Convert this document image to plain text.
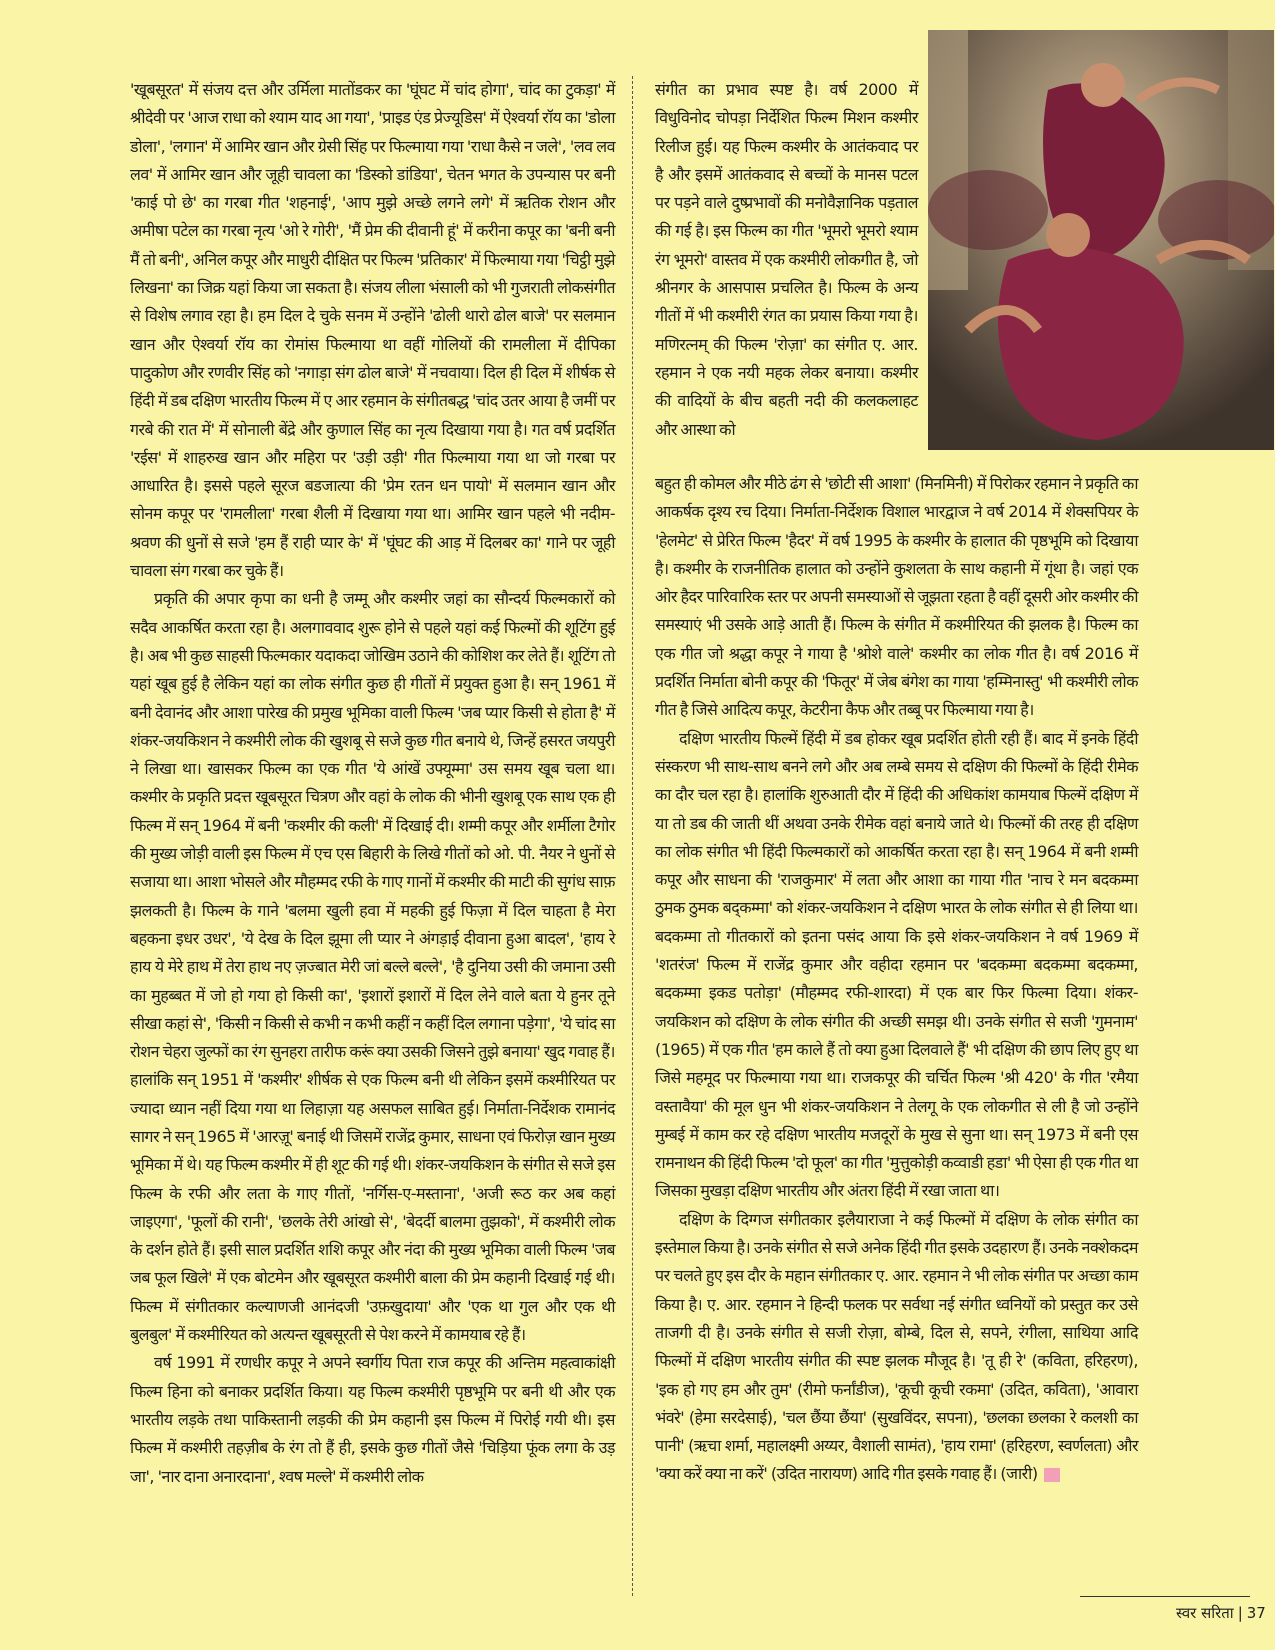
'खूबसूरत' में संजय दत्त और उर्मिला मातोंडकर का 'घूंघट में चांद होगा', चांद का टुकड़ा' में श्रीदेवी पर 'आज राधा को श्याम याद आ गया', 'प्राइड एंड प्रेज्यूडिस' में ऐश्वर्या रॉय का 'डोला डोला', 'लगान' में आमिर खान और ग्रेसी सिंह पर फिल्माया गया 'राधा कैसे न जले', 'लव लव लव' में आमिर खान और जूही चावला का 'डिस्को डांडिया', चेतन भगत के उपन्यास पर बनी 'काई पो छे' का गरबा गीत 'शहनाई', 'आप मुझे अच्छे लगने लगे' में ऋतिक रोशन और अमीषा पटेल का गरबा नृत्य 'ओ रे गोरी', 'मैं प्रेम की दीवानी हूं' में करीना कपूर का 'बनी बनी मैं तो बनी', अनिल कपूर और माधुरी दीक्षित पर फिल्म 'प्रतिकार' में फिल्माया गया 'चिट्ठी मुझे लिखना' का जिक्र यहां किया जा सकता है। संजय लीला भंसाली को भी गुजराती लोकसंगीत से विशेष लगाव रहा है। हम दिल दे चुके सनम में उन्होंने 'ढोली थारो ढोल बाजे' पर सलमान खान और ऐश्वर्या रॉय का रोमांस फिल्माया था वहीं गोलियों की रामलीला में दीपिका पादुकोण और रणवीर सिंह को 'नगाड़ा संग ढोल बाजे' में नचवाया। दिल ही दिल में शीर्षक से हिंदी में डब दक्षिण भारतीय फिल्म में ए आर रहमान के संगीतबद्ध 'चांद उतर आया है जमीं पर गरबे की रात में' में सोनाली बेंद्रे और कुणाल सिंह का नृत्य दिखाया गया है। गत वर्ष प्रदर्शित 'रईस' में शाहरुख खान और महिरा पर 'उड़ी उड़ी' गीत फिल्माया गया था जो गरबा पर आधारित है। इससे पहले सूरज बडजात्या की 'प्रेम रतन धन पायो' में सलमान खान और सोनम कपूर पर 'रामलीला' गरबा शैली में दिखाया गया था। आमिर खान पहले भी नदीम-श्रवण की धुनों से सजे 'हम हैं राही प्यार के' में 'घूंघट की आड़ में दिलबर का' गाने पर जूही चावला संग गरबा कर चुके हैं।

प्रकृति की अपार कृपा का धनी है जम्मू और कश्मीर जहां का सौन्दर्य फिल्मकारों को सदैव आकर्षित करता रहा है। अलगाववाद शुरू होने से पहले यहां कई फिल्मों की शूटिंग हुई है। अब भी कुछ साहसी फिल्मकार यदाकदा जोखिम उठाने की कोशिश कर लेते हैं। शूटिंग तो यहां खूब हुई है लेकिन यहां का लोक संगीत कुछ ही गीतों में प्रयुक्त हुआ है। सन् 1961 में बनी देवानंद और आशा पारेख की प्रमुख भूमिका वाली फिल्म 'जब प्यार किसी से होता है' में शंकर-जयकिशन ने कश्मीरी लोक की खुशबू से सजे कुछ गीत बनाये थे, जिन्हें हसरत जयपुरी ने लिखा था। खासकर फिल्म का एक गीत 'ये आंखें उफ्यूम्मा' उस समय खूब चला था। कश्मीर के प्रकृति प्रदत्त खूबसूरत चित्रण और वहां के लोक की भीनी खुशबू एक साथ एक ही फिल्म में सन् 1964 में बनी 'कश्मीर की कली' में दिखाई दी। शम्मी कपूर और शर्मीला टैगोर की मुख्य जोड़ी वाली इस फिल्म में एच एस बिहारी के लिखे गीतों को ओ. पी. नैयर ने धुनों से सजाया था। आशा भोसले और मौहम्मद रफी के गाए गानों में कश्मीर की माटी की सुगंध साफ़ झलकती है। फिल्म के गाने 'बलमा खुली हवा में महकी हुई फिज़ा में दिल चाहता है मेरा बहकना इधर उधर', 'ये देख के दिल झूमा ली प्यार ने अंगड़ाई दीवाना हुआ बादल', 'हाय रे हाय ये मेरे हाथ में तेरा हाथ नए ज़ज्बात मेरी जां बल्ले बल्ले', 'है दुनिया उसी की जमाना उसी का मुहब्बत में जो हो गया हो किसी का', 'इशारों इशारों में दिल लेने वाले बता ये हुनर तूने सीखा कहां से', 'किसी न किसी से कभी न कभी कहीं न कहीं दिल लगाना पड़ेगा', 'ये चांद सा रोशन चेहरा जुल्फों का रंग सुनहरा तारीफ करूं क्या उसकी जिसने तुझे बनाया' खुद गवाह हैं। हालांकि सन् 1951 में 'कश्मीर' शीर्षक से एक फिल्म बनी थी लेकिन इसमें कश्मीरियत पर ज्यादा ध्यान नहीं दिया गया था लिहाज़ा यह असफल साबित हुई। निर्माता-निर्देशक रामानंद सागर ने सन् 1965 में 'आरज़ू' बनाई थी जिसमें राजेंद्र कुमार, साधना एवं फिरोज़ खान मुख्य भूमिका में थे। यह फिल्म कश्मीर में ही शूट की गई थी। शंकर-जयकिशन के संगीत से सजे इस फिल्म के रफी और लता के गाए गीतों, 'नर्गिस-ए-मस्ताना', 'अजी रूठ कर अब कहां जाइएगा', 'फूलों की रानी', 'छलके तेरी आंखो से', 'बेदर्दी बालमा तुझको', में कश्मीरी लोक के दर्शन होते हैं। इसी साल प्रदर्शित शशि कपूर और नंदा की मुख्य भूमिका वाली फिल्म 'जब जब फूल खिले' में एक बोटमेन और खूबसूरत कश्मीरी बाला की प्रेम कहानी दिखाई गई थी। फिल्म में संगीतकार कल्याणजी आनंदजी 'उफ़खुदाया' और 'एक था गुल और एक थी बुलबुल' में कश्मीरियत को अत्यन्त खूबसूरती से पेश करने में कामयाब रहे हैं।

वर्ष 1991 में रणधीर कपूर ने अपने स्वर्गीय पिता राज कपूर की अन्तिम महत्वाकांक्षी फिल्म हिना को बनाकर प्रदर्शित किया। यह फिल्म कश्मीरी पृष्ठभूमि पर बनी थी और एक भारतीय लड़के तथा पाकिस्तानी लड़की की प्रेम कहानी इस फिल्म में पिरोई गयी थी। इस फिल्म में कश्मीरी तहज़ीब के रंग तो हैं ही, इसके कुछ गीतों जैसे 'चिड़िया फूंक लगा के उड़ जा', 'नार दाना अनारदाना', श्वष मल्ले' में कश्मीरी लोक

संगीत का प्रभाव स्पष्ट है। वर्ष 2000 में विधुविनोद चोपड़ा निर्देशित फिल्म मिशन कश्मीर रिलीज हुई। यह फिल्म कश्मीर के आतंकवाद पर है और इसमें आतंकवाद से बच्चों के मानस पटल पर पड़ने वाले दुष्प्रभावों की मनोवैज्ञानिक पड़ताल की गई है। इस फिल्म का गीत 'भूमरो भूमरो श्याम रंग भूमरो' वास्तव में एक कश्मीरी लोकगीत है, जो श्रीनगर के आसपास प्रचलित है। फिल्म के अन्य गीतों में भी कश्मीरी रंगत का प्रयास किया गया है। मणिरत्नम् की फिल्म 'रोज़ा' का संगीत ए. आर. रहमान ने एक नयी महक लेकर बनाया। कश्मीर की वादियों के बीच बहती नदी की कलकलाहट और आस्था को

बहुत ही कोमल और मीठे ढंग से 'छोटी सी आशा' (मिनमिनी) में पिरोकर रहमान ने प्रकृति का आकर्षक दृश्य रच दिया। निर्माता-निर्देशक विशाल भारद्वाज ने वर्ष 2014 में शेक्सपियर के 'हेलमेट' से प्रेरित फिल्म 'हैदर' में वर्ष 1995 के कश्मीर के हालात की पृष्ठभूमि को दिखाया है। कश्मीर के राजनीतिक हालात को उन्होंने कुशलता के साथ कहानी में गूंथा है। जहां एक ओर हैदर पारिवारिक स्तर पर अपनी समस्याओं से जूझता रहता है वहीं दूसरी ओर कश्मीर की समस्याएं भी उसके आड़े आती हैं। फिल्म के संगीत में कश्मीरियत की झलक है। फिल्म का एक गीत जो श्रद्धा कपूर ने गाया है 'श्रोशे वाले' कश्मीर का लोक गीत है। वर्ष 2016 में प्रदर्शित निर्माता बोनी कपूर की 'फितूर' में जेब बंगेश का गाया 'हम्मिनास्तु' भी कश्मीरी लोक गीत है जिसे आदित्य कपूर, केटरीना कैफ और तब्बू पर फिल्माया गया है।

दक्षिण भारतीय फिल्में हिंदी में डब होकर खूब प्रदर्शित होती रही हैं। बाद में इनके हिंदी संस्करण भी साथ-साथ बनने लगे और अब लम्बे समय से दक्षिण की फिल्मों के हिंदी रीमेक का दौर चल रहा है। हालांकि शुरुआती दौर में हिंदी की अधिकांश कामयाब फिल्में दक्षिण में या तो डब की जाती थीं अथवा उनके रीमेक वहां बनाये जाते थे। फिल्मों की तरह ही दक्षिण का लोक संगीत भी हिंदी फिल्मकारों को आकर्षित करता रहा है। सन् 1964 में बनी शम्मी कपूर और साधना की 'राजकुमार' में लता और आशा का गाया गीत 'नाच रे मन बदकम्मा ठुमक ठुमक बद्कम्मा' को शंकर-जयकिशन ने दक्षिण भारत के लोक संगीत से ही लिया था। बदकम्मा तो गीतकारों को इतना पसंद आया कि इसे शंकर-जयकिशन ने वर्ष 1969 में 'शतरंज' फिल्म में राजेंद्र कुमार और वहीदा रहमान पर 'बदकम्मा बदकम्मा बदकम्मा, बदकम्मा इकड पतोड़ा' (मौहम्मद रफी-शारदा) में एक बार फिर फिल्मा दिया। शंकर-जयकिशन को दक्षिण के लोक संगीत की अच्छी समझ थी। उनके संगीत से सजी 'गुमनाम' (1965) में एक गीत 'हम काले हैं तो क्या हुआ दिलवाले हैं' भी दक्षिण की छाप लिए हुए था जिसे महमूद पर फिल्माया गया था। राजकपूर की चर्चित फिल्म 'श्री 420' के गीत 'रमैया वस्तावैया' की मूल धुन भी शंकर-जयकिशन ने तेलगू के एक लोकगीत से ली है जो उन्होंने मुम्बई में काम कर रहे दक्षिण भारतीय मजदूरों के मुख से सुना था। सन् 1973 में बनी एस रामनाथन की हिंदी फिल्म 'दो फूल' का गीत 'मुत्तुकोड़ी कव्वाडी हडा' भी ऐसा ही एक गीत था जिसका मुखड़ा दक्षिण भारतीय और अंतरा हिंदी में रखा जाता था।

दक्षिण के दिग्गज संगीतकार इलैयाराजा ने कई फिल्मों में दक्षिण के लोक संगीत का इस्तेमाल किया है। उनके संगीत से सजे अनेक हिंदी गीत इसके उदहारण हैं। उनके नक्शेकदम पर चलते हुए इस दौर के महान संगीतकार ए. आर. रहमान ने भी लोक संगीत पर अच्छा काम किया है। ए. आर. रहमान ने हिन्दी फलक पर सर्वथा नई संगीत ध्वनियों को प्रस्तुत कर उसे ताजगी दी है। उनके संगीत से सजी रोज़ा, बोम्बे, दिल से, सपने, रंगीला, साथिया आदि फिल्मों में दक्षिण भारतीय संगीत की स्पष्ट झलक मौजूद है। 'तू ही रे' (कविता, हरिहरण), 'इक हो गए हम और तुम' (रीमो फर्नांडीज), 'कूची कूची रकमा' (उदित, कविता), 'आवारा भंवरे' (हेमा सरदेसाई), 'चल छैंया छैंया' (सुखविंदर, सपना), 'छलका छलका रे कलशी का पानी' (ऋचा शर्मा, महालक्ष्मी अय्यर, वैशाली सामंत), 'हाय रामा' (हरिहरण, स्वर्णलता) और 'क्या करें क्या ना करें' (उदित नारायण) आदि गीत इसके गवाह हैं। (जारी)

स्वर सरिता | 37
